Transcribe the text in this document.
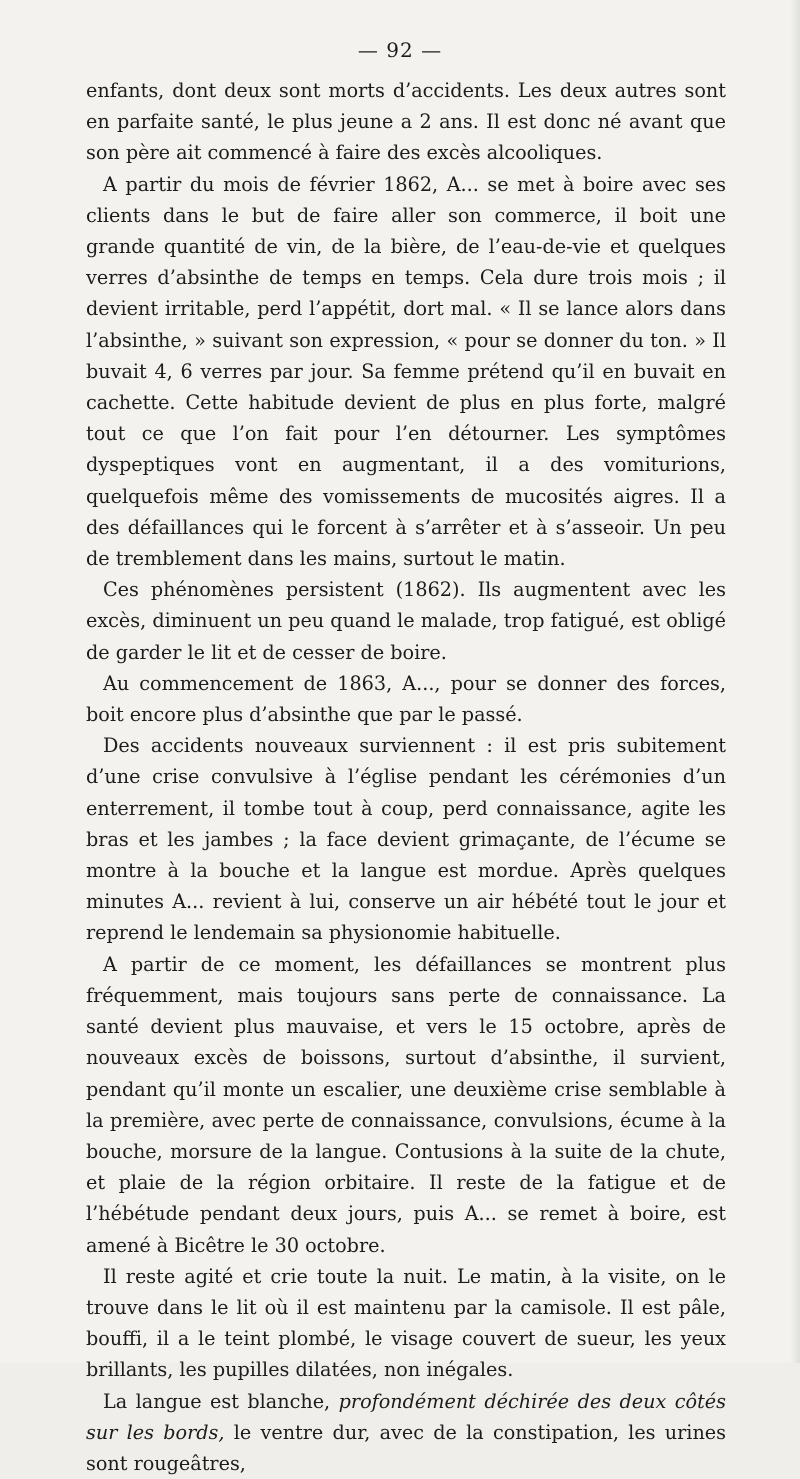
— 92 —

enfants, dont deux sont morts d’accidents. Les deux autres sont en parfaite santé, le plus jeune a 2 ans. Il est donc né avant que son père ait commencé à faire des excès alcooliques.

A partir du mois de février 1862, A... se met à boire avec ses clients dans le but de faire aller son commerce, il boit une grande quantité de vin, de la bière, de l’eau-de-vie et quelques verres d’absinthe de temps en temps. Cela dure trois mois ; il devient irritable, perd l’appétit, dort mal. « Il se lance alors dans l’absinthe, » suivant son expression, « pour se donner du ton. » Il buvait 4, 6 verres par jour. Sa femme prétend qu’il en buvait en cachette. Cette habitude devient de plus en plus forte, malgré tout ce que l’on fait pour l’en détourner. Les symptômes dyspeptiques vont en augmentant, il a des vomiturions, quelquefois même des vomissements de mucosités aigres. Il a des défaillances qui le forcent à s’arrêter et à s’asseoir. Un peu de tremblement dans les mains, surtout le matin.

Ces phénomènes persistent (1862). Ils augmentent avec les excès, diminuent un peu quand le malade, trop fatigué, est obligé de garder le lit et de cesser de boire.

Au commencement de 1863, A..., pour se donner des forces, boit encore plus d’absinthe que par le passé.

Des accidents nouveaux surviennent : il est pris subitement d’une crise convulsive à l’église pendant les cérémonies d’un enterrement, il tombe tout à coup, perd connaissance, agite les bras et les jambes ; la face devient grimaçante, de l’écume se montre à la bouche et la langue est mordue. Après quelques minutes A... revient à lui, conserve un air hébété tout le jour et reprend le lendemain sa physionomie habituelle.

A partir de ce moment, les défaillances se montrent plus fréquemment, mais toujours sans perte de connaissance. La santé devient plus mauvaise, et vers le 15 octobre, après de nouveaux excès de boissons, surtout d’absinthe, il survient, pendant qu’il monte un escalier, une deuxième crise semblable à la première, avec perte de connaissance, convulsions, écume à la bouche, morsure de la langue. Contusions à la suite de la chute, et plaie de la région orbitaire. Il reste de la fatigue et de l’hébétude pendant deux jours, puis A... se remet à boire, est amené à Bicêtre le 30 octobre.

Il reste agité et crie toute la nuit. Le matin, à la visite, on le trouve dans le lit où il est maintenu par la camisole. Il est pâle, bouffi, il a le teint plombé, le visage couvert de sueur, les yeux brillants, les pupilles dilatées, non inégales.

La langue est blanche, profondément déchirée des deux côtés sur les bords, le ventre dur, avec de la constipation, les urines sont rougeâtres,
